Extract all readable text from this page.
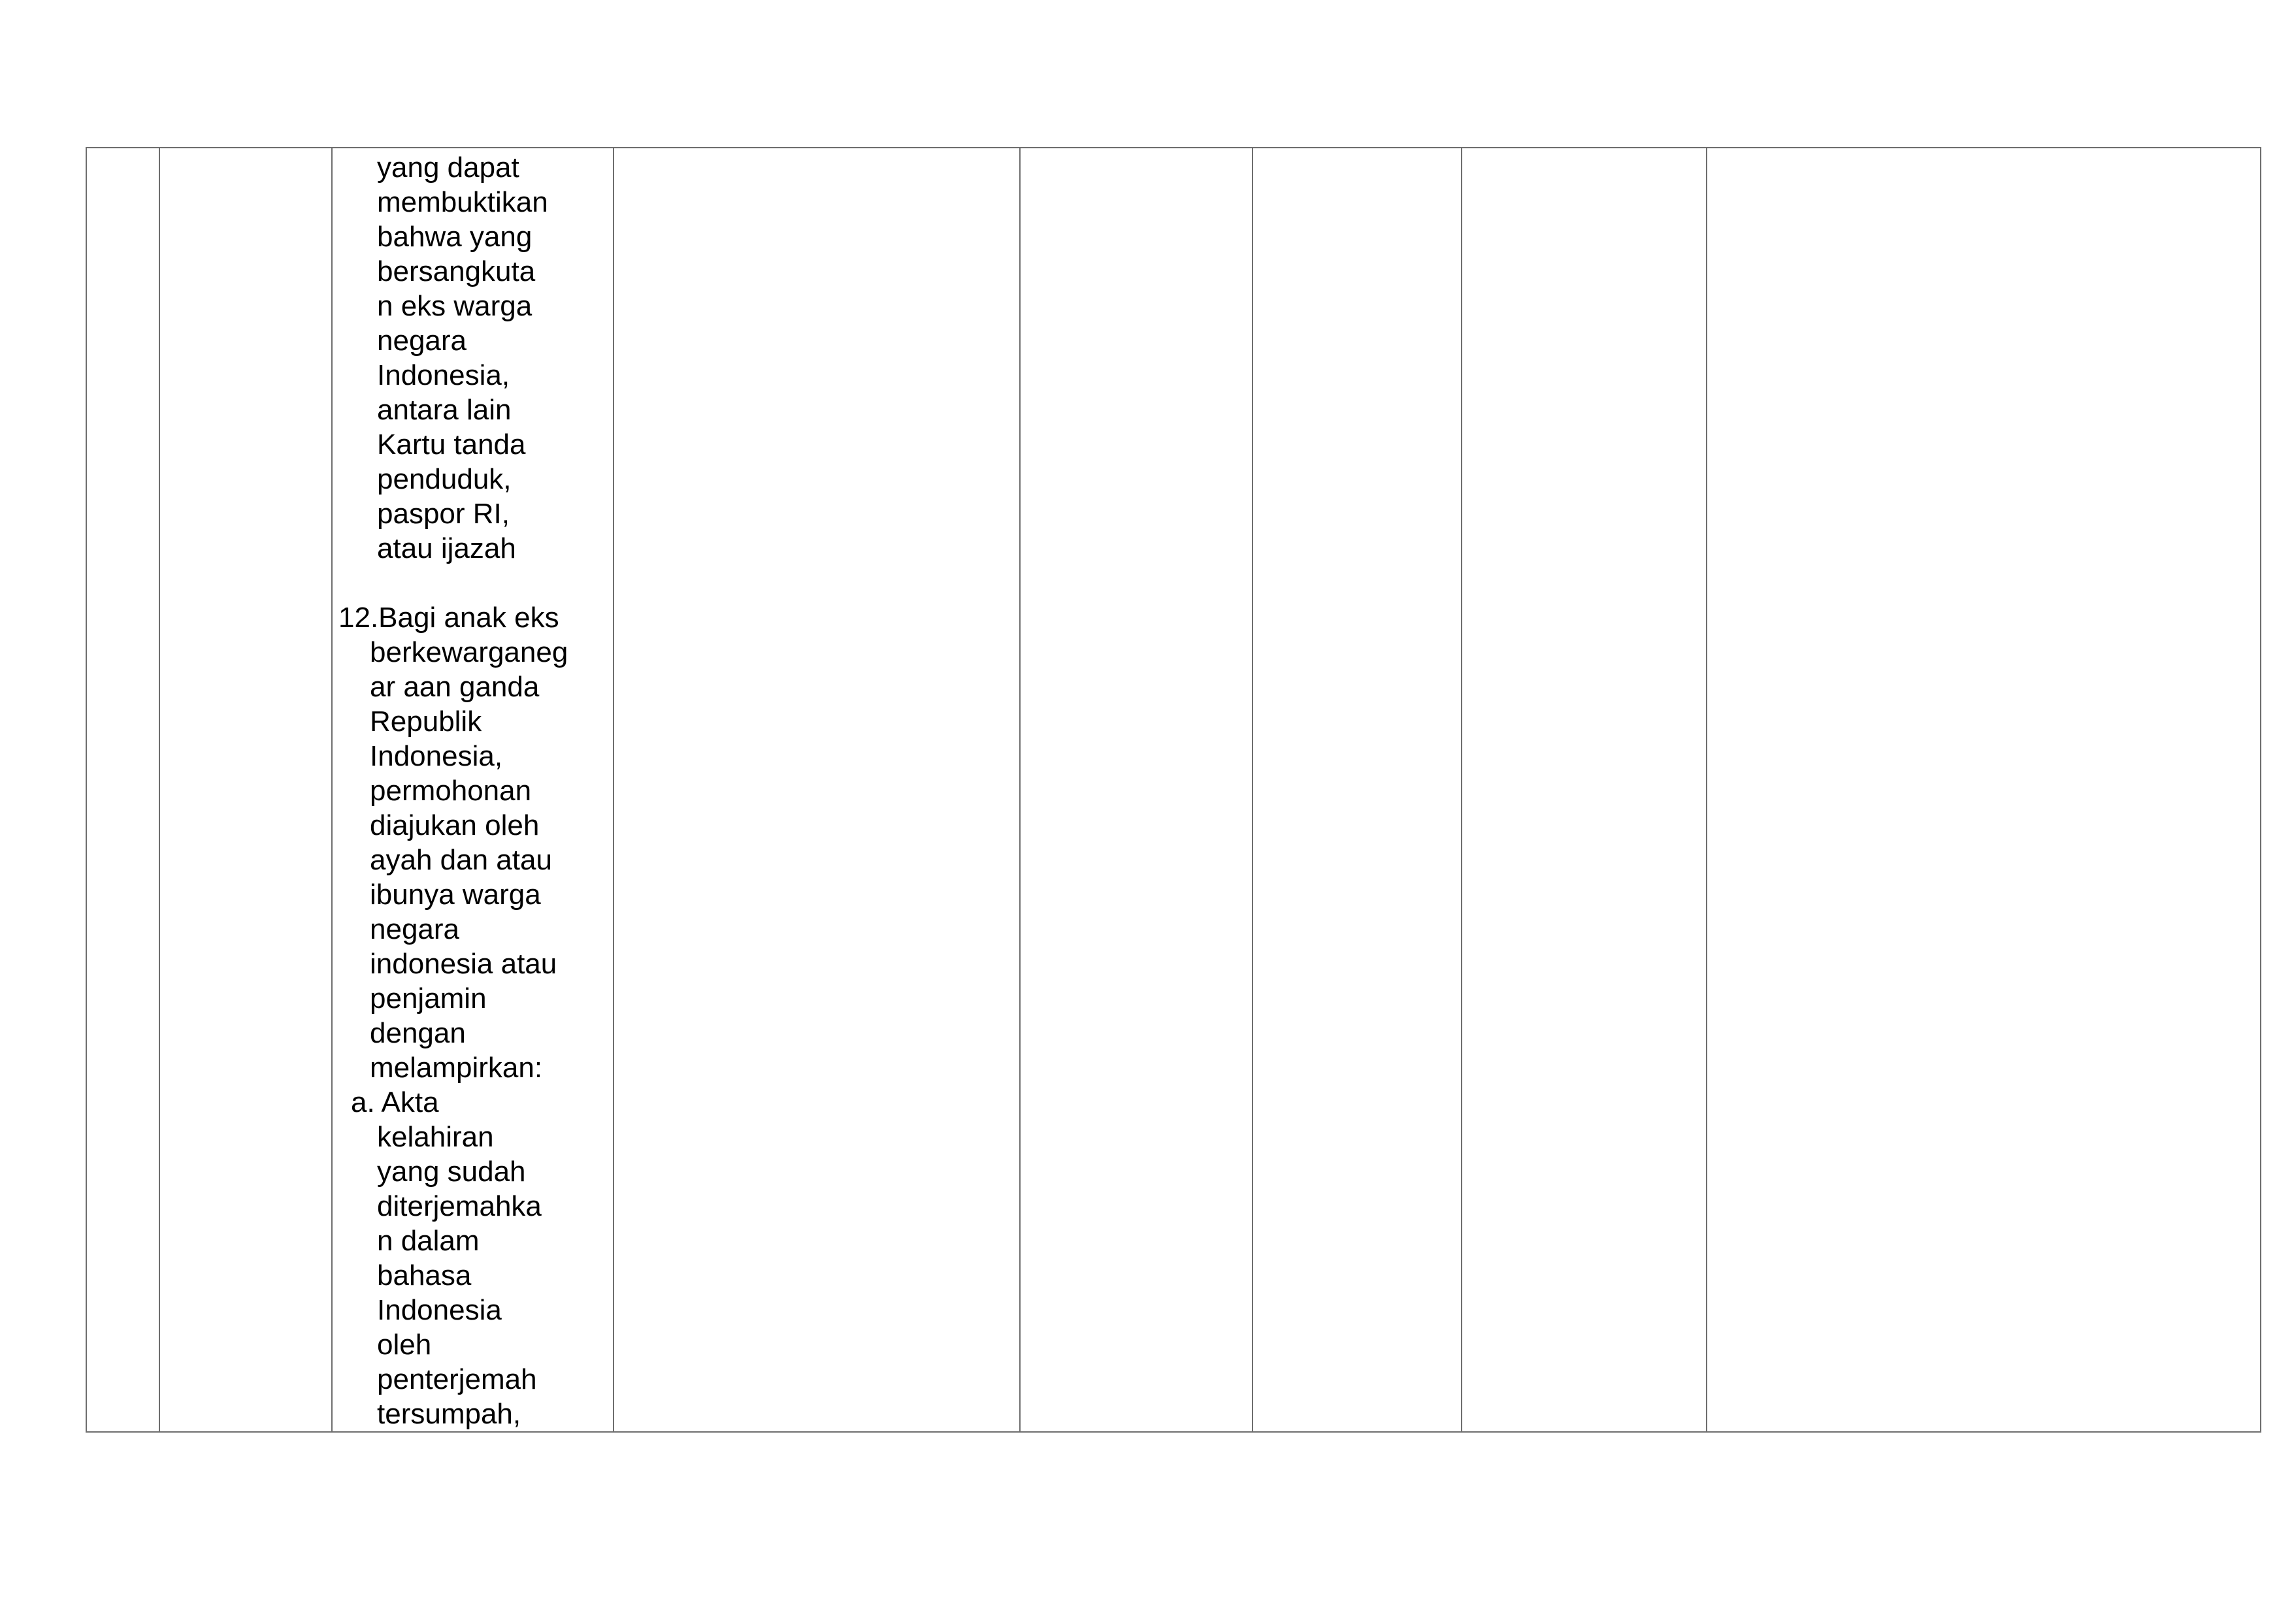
yang dapat
membuktikan
bahwa yang
bersangkuta
n eks warga
negara
Indonesia,
antara lain
Kartu tanda
penduduk,
paspor RI,
atau ijazah
12.Bagi anak eks
berkewarganeg
ar aan ganda
Republik
Indonesia,
permohonan
diajukan oleh
ayah dan atau
ibunya warga
negara
indonesia atau
penjamin
dengan
melampirkan:
a. Akta
kelahiran
yang sudah
diterjemahka
n dalam
bahasa
Indonesia
oleh
penterjemah
tersumpah,
